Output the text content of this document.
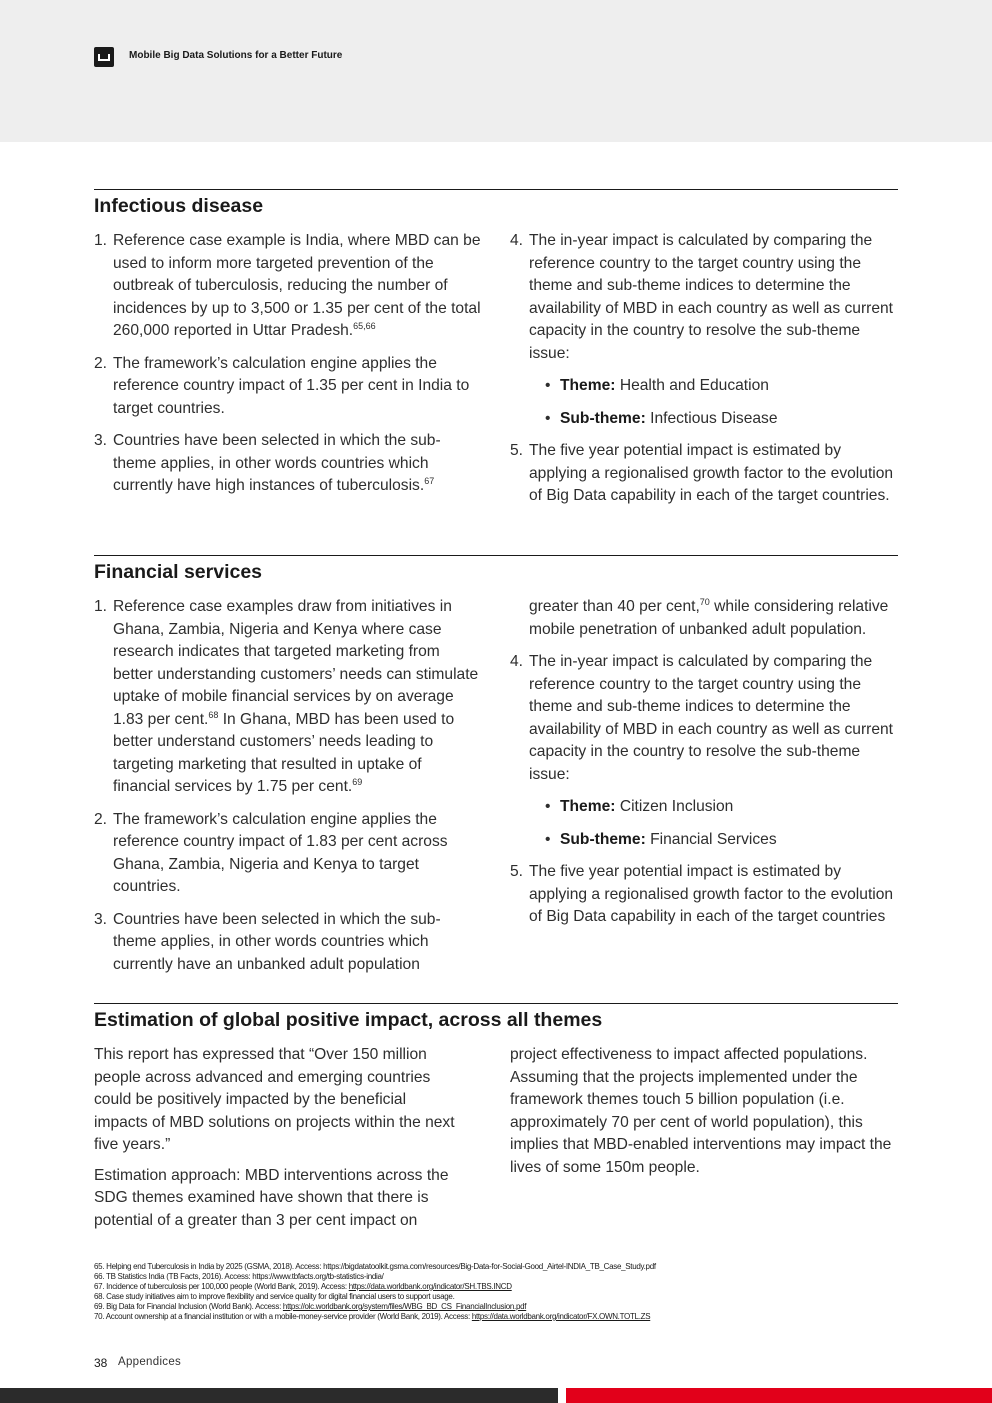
Mobile Big Data Solutions for a Better Future
Infectious disease
1. Reference case example is India, where MBD can be used to inform more targeted prevention of the outbreak of tuberculosis, reducing the number of incidences by up to 3,500 or 1.35 per cent of the total 260,000 reported in Uttar Pradesh.$^{65,66}$
2. The framework’s calculation engine applies the reference country impact of 1.35 per cent in India to target countries.
3. Countries have been selected in which the sub-theme applies, in other words countries which currently have high instances of tuberculosis.$^{67}$
4. The in-year impact is calculated by comparing the reference country to the target country using the theme and sub-theme indices to determine the availability of MBD in each country as well as current capacity in the country to resolve the sub-theme issue:
• Theme: Health and Education
• Sub-theme: Infectious Disease
5. The five year potential impact is estimated by applying a regionalised growth factor to the evolution of Big Data capability in each of the target countries.
Financial services
1. Reference case examples draw from initiatives in Ghana, Zambia, Nigeria and Kenya where case research indicates that targeted marketing from better understanding customers’ needs can stimulate uptake of mobile financial services by on average 1.83 per cent.$^{68}$ In Ghana, MBD has been used to better understand customers’ needs leading to targeting marketing that resulted in uptake of financial services by 1.75 per cent.$^{69}$
2. The framework’s calculation engine applies the reference country impact of 1.83 per cent across Ghana, Zambia, Nigeria and Kenya to target countries.
3. Countries have been selected in which the sub-theme applies, in other words countries which currently have an unbanked adult population
greater than 40 per cent,$^{70}$ while considering relative mobile penetration of unbanked adult population.
4. The in-year impact is calculated by comparing the reference country to the target country using the theme and sub-theme indices to determine the availability of MBD in each country as well as current capacity in the country to resolve the sub-theme issue:
• Theme: Citizen Inclusion
• Sub-theme: Financial Services
5. The five year potential impact is estimated by applying a regionalised growth factor to the evolution of Big Data capability in each of the target countries
Estimation of global positive impact, across all themes

This report has expressed that “Over 150 million people across advanced and emerging countries could be positively impacted by the beneficial impacts of MBD solutions on projects within the next five years.”

Estimation approach: MBD interventions across the SDG themes examined have shown that there is potential of a greater than 3 per cent impact on

project effectiveness to impact affected populations. Assuming that the projects implemented under the framework themes touch 5 billion population (i.e. approximately 70 per cent of world population), this implies that MBD-enabled interventions may impact the lives of some 150m people.

65. Helping end Tuberculosis in India by 2025 (GSMA, 2018). Access: https://bigdatatoolkit.gsma.com/resources/Big-Data-for-Social-Good_Airtel-INDIA_TB_Case_Study.pdf
66. TB Statistics India (TB Facts, 2016). Access: https://www.tbfacts.org/tb-statistics-india/
67. Incidence of tuberculosis per 100,000 people (World Bank, 2019). Access: https://data.worldbank.org/indicator/SH.TBS.INCD
68. Case study initiatives aim to improve flexibility and service quality for digital financial users to support usage.
69. Big Data for Financial Inclusion (World Bank). Access: https://olc.worldbank.org/system/files/WBG_BD_CS_FinancialInclusion.pdf
70. Account ownership at a financial institution or with a mobile-money-service provider (World Bank, 2019). Access: https://data.worldbank.org/indicator/FX.OWN.TOTL.ZS
38 Appendices
